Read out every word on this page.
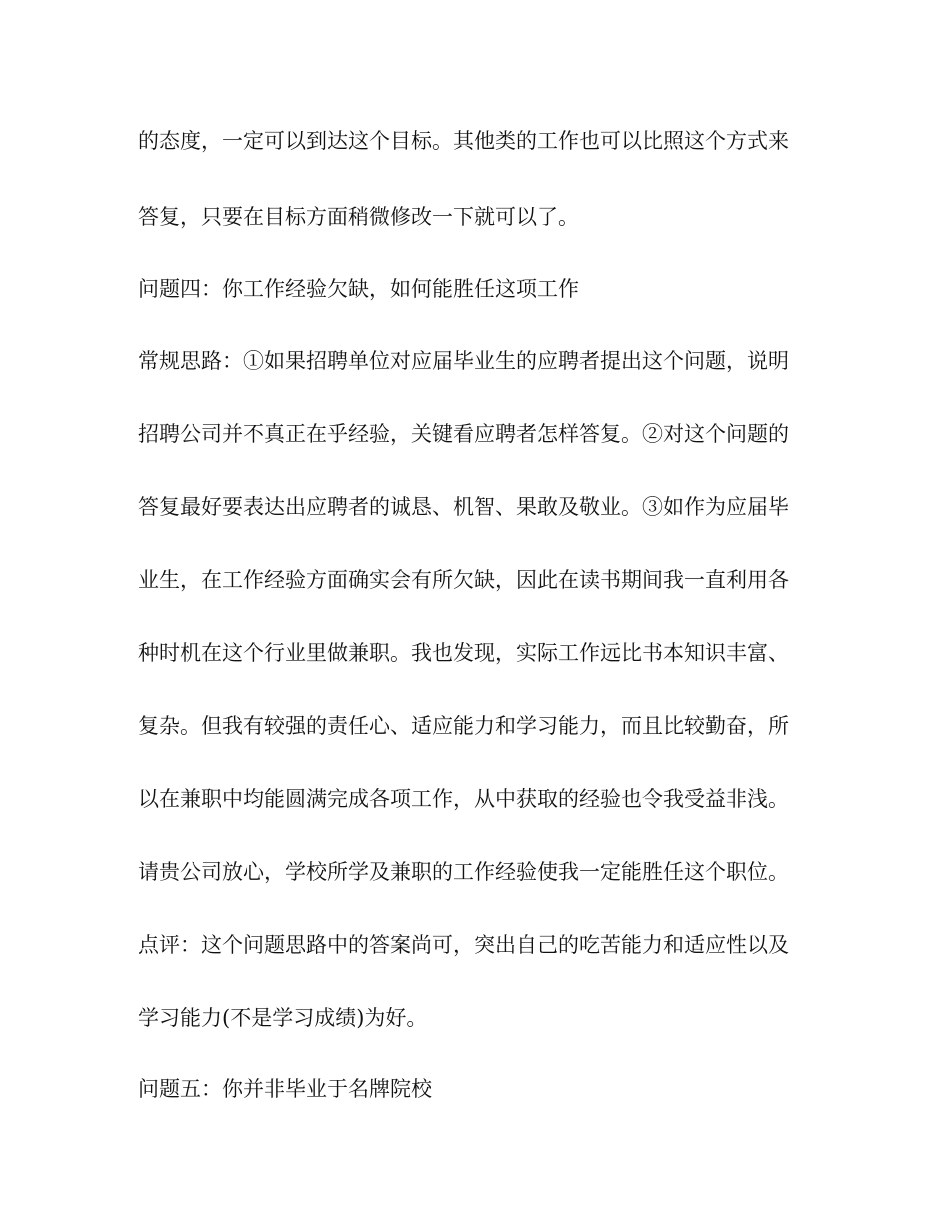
的态度，一定可以到达这个目标。其他类的工作也可以比照这个方式来

答复，只要在目标方面稍微修改一下就可以了。

问题四：你工作经验欠缺，如何能胜任这项工作

常规思路：①如果招聘单位对应届毕业生的应聘者提出这个问题，说明

招聘公司并不真正在乎经验，关键看应聘者怎样答复。②对这个问题的

答复最好要表达出应聘者的诚恳、机智、果敢及敬业。③如作为应届毕

业生，在工作经验方面确实会有所欠缺，因此在读书期间我一直利用各

种时机在这个行业里做兼职。我也发现，实际工作远比书本知识丰富、

复杂。但我有较强的责任心、适应能力和学习能力，而且比较勤奋，所

以在兼职中均能圆满完成各项工作，从中获取的经验也令我受益非浅。

请贵公司放心，学校所学及兼职的工作经验使我一定能胜任这个职位。

点评：这个问题思路中的答案尚可，突出自己的吃苦能力和适应性以及

学习能力(不是学习成绩)为好。

问题五：你并非毕业于名牌院校
